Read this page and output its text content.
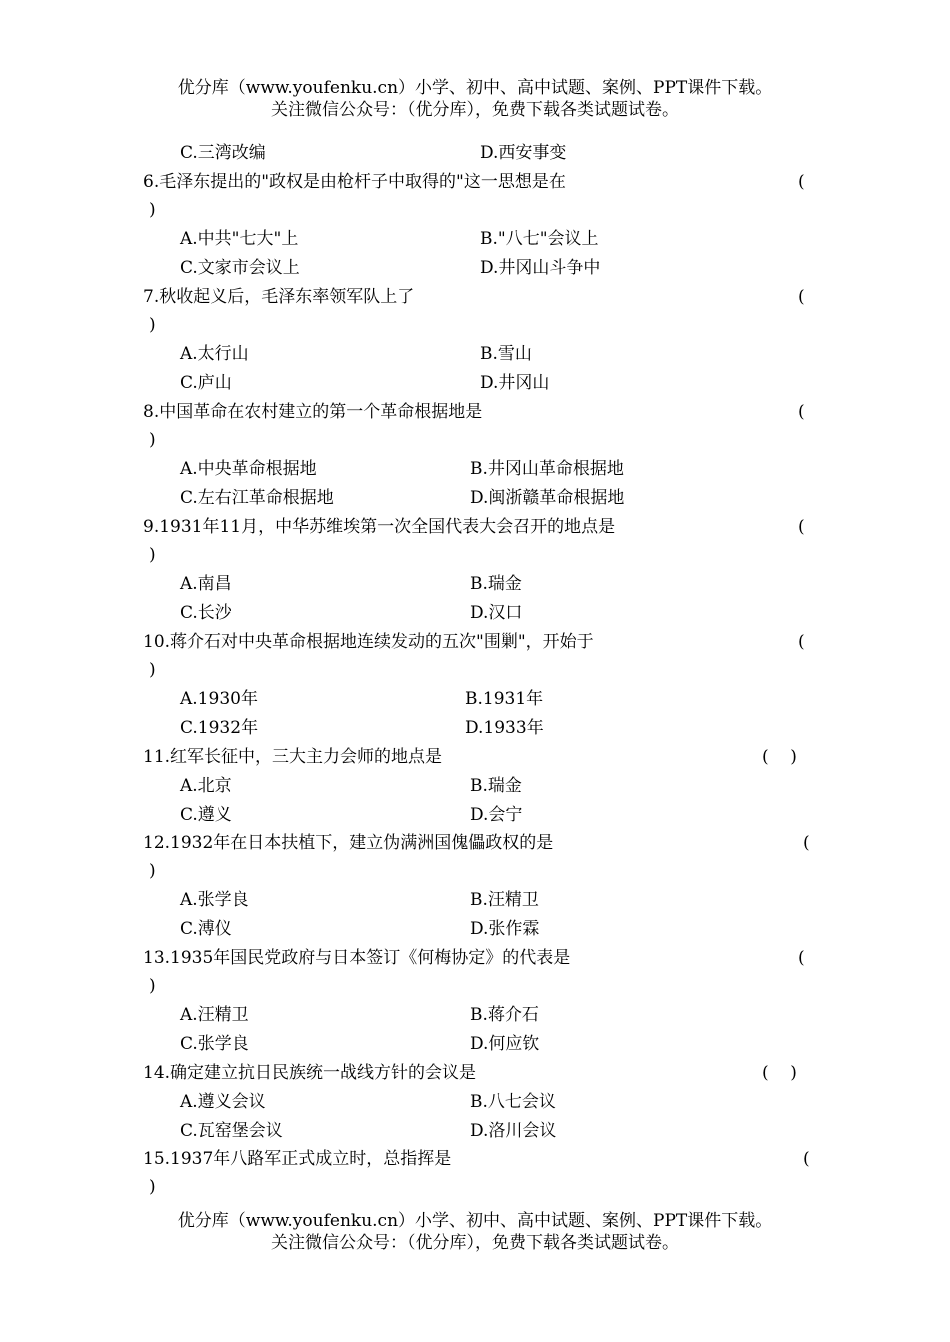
优分库（www.youfenku.cn）小学、初中、高中试题、案例、PPT课件下载。
关注微信公众号：（优分库），免费下载各类试题试卷。
C.三湾改编	D.西安事变
6.毛泽东提出的"政权是由枪杆子中取得的"这一思想是在	(
)
A.中共"七大"上	B."八七"会议上
C.文家市会议上	D.井冈山斗争中
7.秋收起义后，毛泽东率领军队上了	(
)
A.太行山	B.雪山
C.庐山	D.井冈山
8.中国革命在农村建立的第一个革命根据地是	(
)
A.中央革命根据地	B.井冈山革命根据地
C.左右江革命根据地	D.闽浙赣革命根据地
9.1931年11月，中华苏维埃第一次全国代表大会召开的地点是	(
)
A.南昌	B.瑞金
C.长沙	D.汉口
10.蒋介石对中央革命根据地连续发动的五次"围剿"，开始于	(
)
A.1930年	B.1931年
C.1932年	D.1933年
11.红军长征中，三大主力会师的地点是	(    )
A.北京	B.瑞金
C.遵义	D.会宁
12.1932年在日本扶植下，建立伪满洲国傀儡政权的是	(
)
A.张学良	B.汪精卫
C.溥仪	D.张作霖
13.1935年国民党政府与日本签订《何梅协定》的代表是	(
)
A.汪精卫	B.蒋介石
C.张学良	D.何应钦
14.确定建立抗日民族统一战线方针的会议是	(    )
A.遵义会议	B.八七会议
C.瓦窑堡会议	D.洛川会议
15.1937年八路军正式成立时，总指挥是	(
)
优分库（www.youfenku.cn）小学、初中、高中试题、案例、PPT课件下载。
关注微信公众号：（优分库），免费下载各类试题试卷。
